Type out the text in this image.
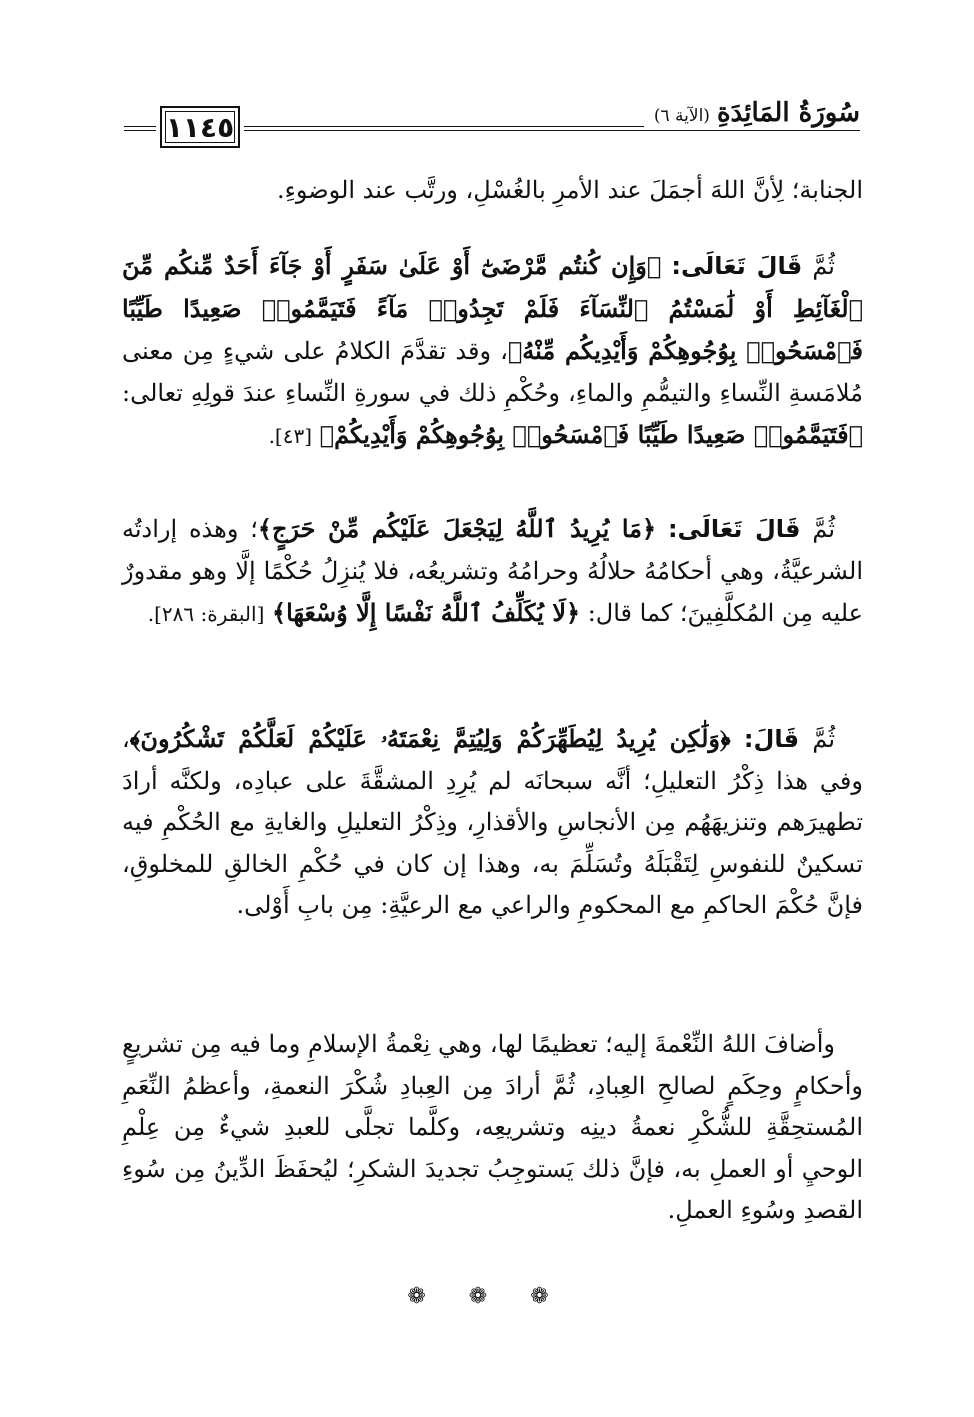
١١٤٥	سُورَةُ المَائِدَةِ (الآية ٦)
الجنابة؛ لِأنَّ اللهَ أجمَلَ عند الأمرِ بالغُسْلِ، ورتَّب عند الوضوءِ.
ثُمَّ قَالَ تَعَالَى: ﴿وَإِن كُنتُم مَّرْضَىٰٓ أَوْ عَلَىٰ سَفَرٍ أَوْ جَآءَ أَحَدٌ مِّنكُم مِّنَ ٱلْغَآئِطِ أَوْ لَٰمَسْتُمُ ٱلنِّسَآءَ فَلَمْ تَجِدُوا۟ مَآءً فَتَيَمَّمُوا۟ صَعِيدًا طَيِّبًا فَٱمْسَحُوا۟ بِوُجُوهِكُمْ وَأَيْدِيكُم مِّنْهُ﴾، وقد تقدَّمَ الكلامُ على شيءٍ مِن معنى مُلامَسةِ النِّساءِ والتيمُّمِ والماءِ، وحُكْمِ ذلك في سورةِ النِّساءِ عندَ قولِهِ تعالى: ﴿فَتَيَمَّمُوا۟ صَعِيدًا طَيِّبًا فَٱمْسَحُوا۟ بِوُجُوهِكُمْ وَأَيْدِيكُمْ﴾ [٤٣].
ثُمَّ قَالَ تَعَالَى: ﴿مَا يُرِيدُ ٱللَّهُ لِيَجْعَلَ عَلَيْكُم مِّنْ حَرَجٍ﴾؛ وهذه إرادتُه الشرعيَّةُ، وهي أحكامُهُ حلالُهُ وحرامُهُ وتشريعُه، فلا يُنزِلُ حُكْمًا إلَّا وهو مقدورٌ عليه مِن المُكلَّفِينَ؛ كما قال: ﴿لَا يُكَلِّفُ ٱللَّهُ نَفْسًا إِلَّا وُسْعَهَا﴾ [البقرة: ٢٨٦].
ثُمَّ قَالَ: ﴿وَلَٰكِن يُرِيدُ لِيُطَهِّرَكُمْ وَلِيُتِمَّ نِعْمَتَهُۥ عَلَيْكُمْ لَعَلَّكُمْ تَشْكُرُونَ﴾، وفي هذا ذِكْرُ التعليلِ؛ أنَّه سبحانَه لم يُرِدِ المشقَّةَ على عبادِه، ولكنَّه أرادَ تطهيرَهم وتنزيهَهُم مِن الأنجاسِ والأقذارِ، وذِكْرُ التعليلِ والغايةِ مع الحُكْمِ فيه تسكينٌ للنفوسِ لِتَقْبَلَهُ وتُسَلِّمَ به، وهذا إن كان في حُكْمِ الخالقِ للمخلوقِ، فإنَّ حُكْمَ الحاكمِ مع المحكومِ والراعي مع الرعيَّةِ: مِن بابِ أَوْلى.
وأضافَ اللهُ النِّعْمةَ إليه؛ تعظيمًا لها، وهي نِعْمةُ الإسلامِ وما فيه مِن تشريعٍ وأحكامٍ وحِكَمٍ لصالحِ العِبادِ، ثُمَّ أرادَ مِن العِبادِ شُكْرَ النعمةِ، وأعظمُ النِّعَمِ المُستحِقَّةِ للشُّكْرِ نعمةُ دينِه وتشريعِه، وكلَّما تجلَّى للعبدِ شيءٌ مِن عِلْمِ الوحيِ أو العملِ به، فإنَّ ذلك يَستوجِبُ تجديدَ الشكرِ؛ ليُحفَظَ الدِّينُ مِن سُوءِ القصدِ وسُوءِ العملِ.
❁ ❁ ❁
